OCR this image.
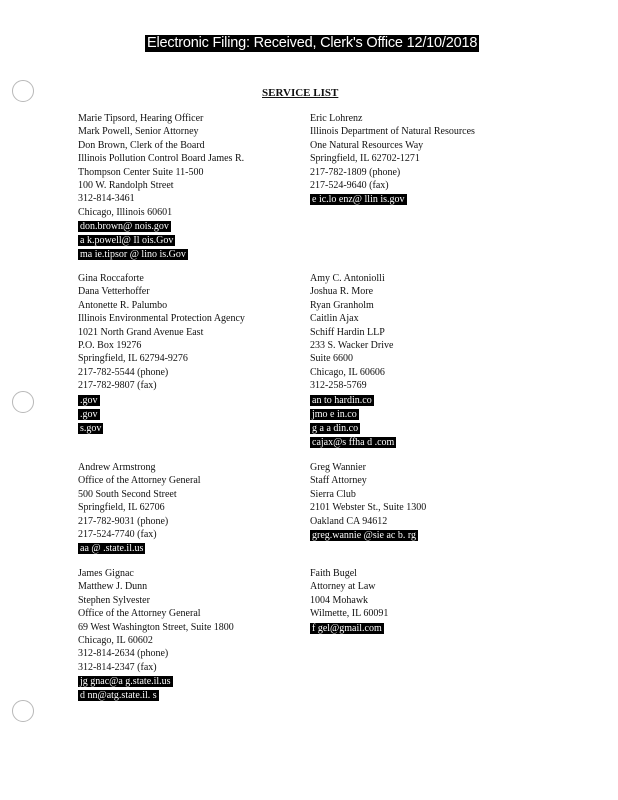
Electronic Filing: Received, Clerk's Office 12/10/2018
SERVICE LIST
Marie Tipsord, Hearing Officer
Mark Powell, Senior Attorney
Don Brown, Clerk of the Board
Illinois Pollution Control Board James R.
Thompson Center Suite 11-500
100 W. Randolph Street
312-814-3461
Chicago, Illinois 60601
don.brown@ nois.gov
a k.powell@ Il ois.Gov
ma ie.tipsor @ lino is.Gov
Eric Lohrenz
Illinois Department of Natural Resources
One Natural Resources Way
Springfield, IL 62702-1271
217-782-1809 (phone)
217-524-9640 (fax)
e ic.lo enz@ llin is.gov
Gina Roccaforte
Dana Vetterhoffer
Antonette R. Palumbo
Illinois Environmental Protection Agency
1021 North Grand Avenue East
P.O. Box 19276
Springfield, IL 62794-9276
217-782-5544 (phone)
217-782-9807 (fax)
.gov
.gov
s.gov
Amy C. Antoniolli
Joshua R. More
Ryan Granholm
Caitlin Ajax
Schiff Hardin LLP
233 S. Wacker Drive
Suite 6600
Chicago, IL 60606
312-258-5769
an to hardin.co
jmo e in.co
g a a din.co
cajax@s ffha d .com
Andrew Armstrong
Office of the Attorney General
500 South Second Street
Springfield, IL 62706
217-782-9031 (phone)
217-524-7740 (fax)
aa @ .state.il.us
Greg Wannier
Staff Attorney
Sierra Club
2101 Webster St., Suite 1300
Oakland CA 94612
greg.wannie @sie ac b. rg
James Gignac
Matthew J. Dunn
Stephen Sylvester
Office of the Attorney General
69 West Washington Street, Suite 1800
Chicago, IL 60602
312-814-2634 (phone)
312-814-2347 (fax)
jg gnac@a g.state.il.us
d nn@atg.state.il. s
Faith Bugel
Attorney at Law
1004 Mohawk
Wilmette, IL 60091
f gel@gmail.com
